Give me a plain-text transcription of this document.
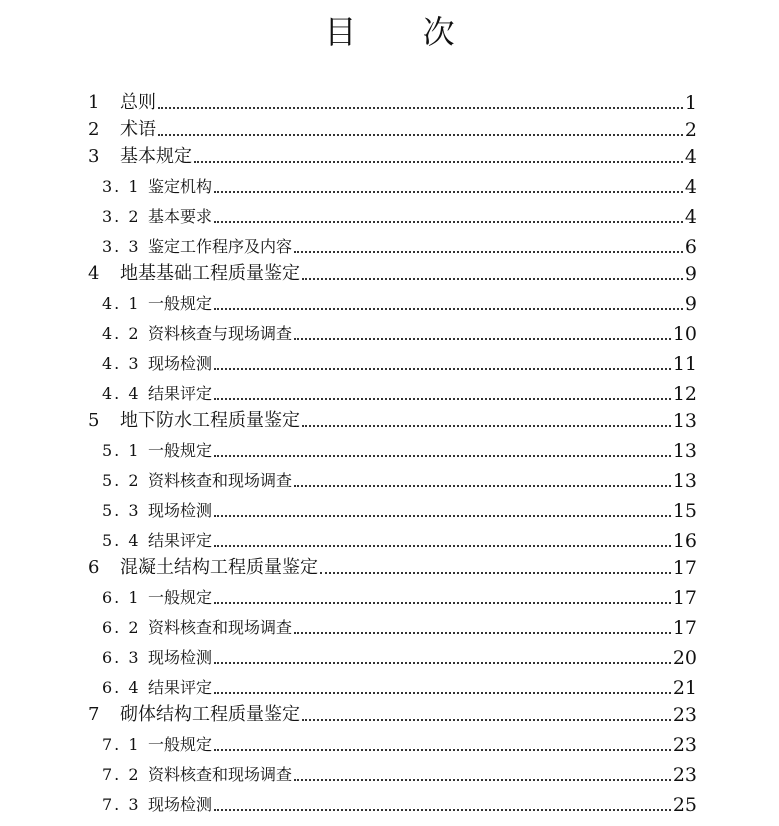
目 次
1 总则	1
2 术语	2
3 基本规定	4
3. 1 鉴定机构	4
3. 2 基本要求	4
3. 3 鉴定工作程序及内容	6
4 地基基础工程质量鉴定	9
4. 1 一般规定	9
4. 2 资料核查与现场调查	10
4. 3 现场检测	11
4. 4 结果评定	12
5 地下防水工程质量鉴定	13
5. 1 一般规定	13
5. 2 资料核查和现场调查	13
5. 3 现场检测	15
5. 4 结果评定	16
6 混凝土结构工程质量鉴定	17
6. 1 一般规定	17
6. 2 资料核查和现场调查	17
6. 3 现场检测	20
6. 4 结果评定	21
7 砌体结构工程质量鉴定	23
7. 1 一般规定	23
7. 2 资料核查和现场调查	23
7. 3 现场检测	25
